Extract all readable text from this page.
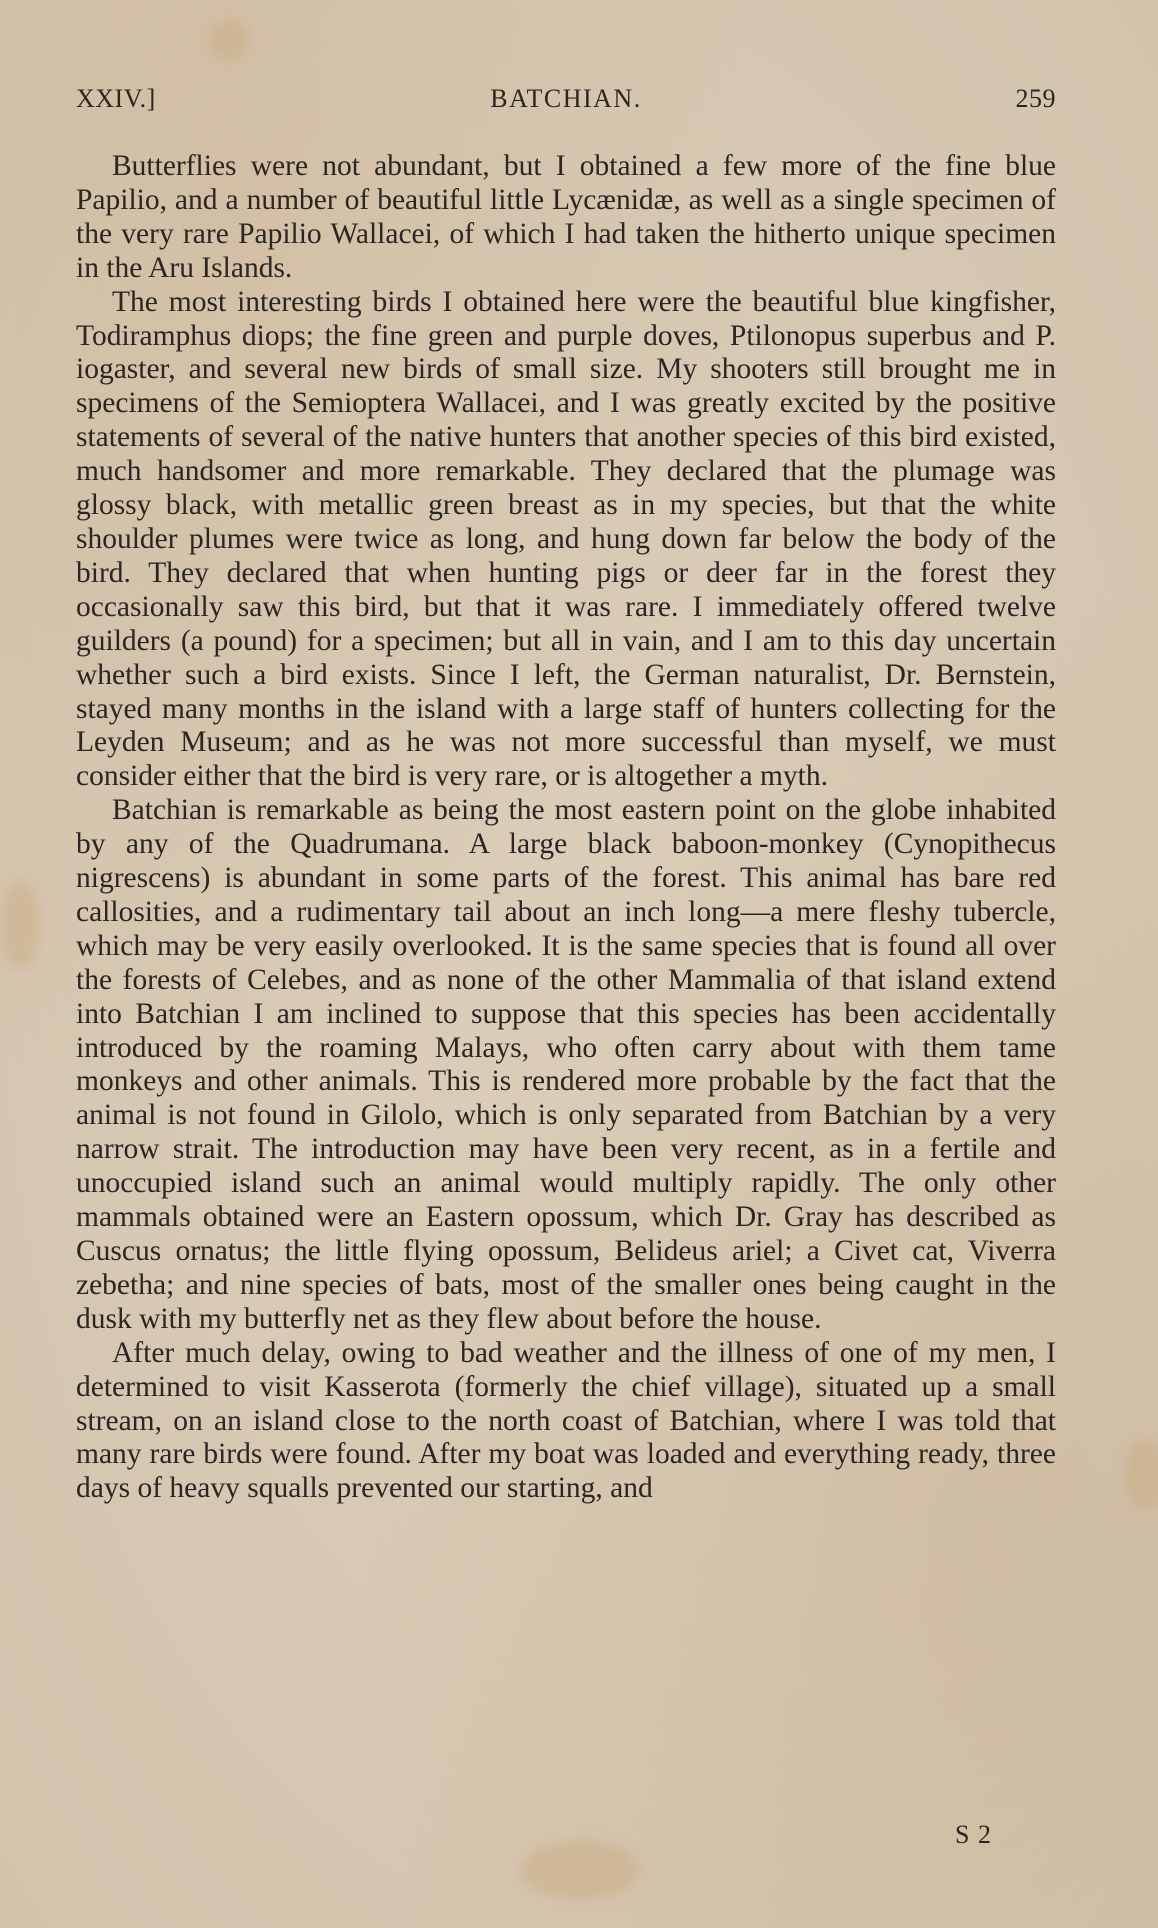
XXIV.]	BATCHIAN.	259

Butterflies were not abundant, but I obtained a few more of the fine blue Papilio, and a number of beautiful little Lycænidæ, as well as a single specimen of the very rare Papilio Wallacei, of which I had taken the hitherto unique specimen in the Aru Islands.

The most interesting birds I obtained here were the beautiful blue kingfisher, Todiramphus diops; the fine green and purple doves, Ptilonopus superbus and P. iogaster, and several new birds of small size. My shooters still brought me in specimens of the Semioptera Wallacei, and I was greatly excited by the positive statements of several of the native hunters that another species of this bird existed, much handsomer and more remarkable. They declared that the plumage was glossy black, with metallic green breast as in my species, but that the white shoulder plumes were twice as long, and hung down far below the body of the bird. They declared that when hunting pigs or deer far in the forest they occasionally saw this bird, but that it was rare. I immediately offered twelve guilders (a pound) for a specimen; but all in vain, and I am to this day uncertain whether such a bird exists. Since I left, the German naturalist, Dr. Bernstein, stayed many months in the island with a large staff of hunters collecting for the Leyden Museum; and as he was not more successful than myself, we must consider either that the bird is very rare, or is altogether a myth.

Batchian is remarkable as being the most eastern point on the globe inhabited by any of the Quadrumana. A large black baboon-monkey (Cynopithecus nigrescens) is abundant in some parts of the forest. This animal has bare red callosities, and a rudimentary tail about an inch long—a mere fleshy tubercle, which may be very easily overlooked. It is the same species that is found all over the forests of Celebes, and as none of the other Mammalia of that island extend into Batchian I am inclined to suppose that this species has been accidentally introduced by the roaming Malays, who often carry about with them tame monkeys and other animals. This is rendered more probable by the fact that the animal is not found in Gilolo, which is only separated from Batchian by a very narrow strait. The introduction may have been very recent, as in a fertile and unoccupied island such an animal would multiply rapidly. The only other mammals obtained were an Eastern opossum, which Dr. Gray has described as Cuscus ornatus; the little flying opossum, Belideus ariel; a Civet cat, Viverra zebetha; and nine species of bats, most of the smaller ones being caught in the dusk with my butterfly net as they flew about before the house.

After much delay, owing to bad weather and the illness of one of my men, I determined to visit Kasserota (formerly the chief village), situated up a small stream, on an island close to the north coast of Batchian, where I was told that many rare birds were found. After my boat was loaded and everything ready, three days of heavy squalls prevented our starting, and

S 2
